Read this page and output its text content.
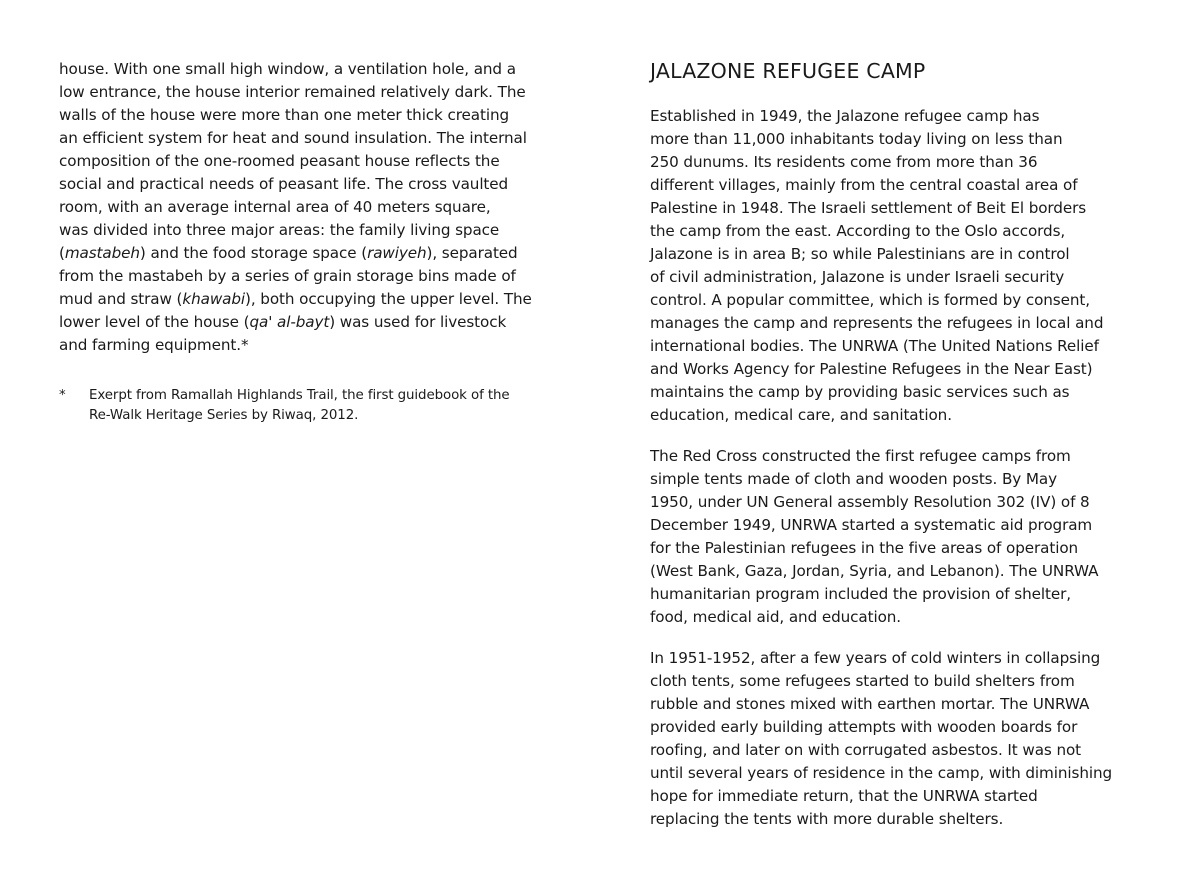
house. With one small high window, a ventilation hole, and a
low entrance, the house interior remained relatively dark. The
walls of the house were more than one meter thick creating
an efficient system for heat and sound insulation. The internal
composition of the one-roomed peasant house reflects the
social and practical needs of peasant life. The cross vaulted
room, with an average internal area of 40 meters square,
was divided into three major areas: the family living space
(mastabeh) and the food storage space (rawiyeh), separated
from the mastabeh by a series of grain storage bins made of
mud and straw (khawabi), both occupying the upper level. The
lower level of the house (qa' al-bayt) was used for livestock
and farming equipment.*

* Exerpt from Ramallah Highlands Trail, the first guidebook of the
Re-Walk Heritage Series by Riwaq, 2012.
JALAZONE REFUGEE CAMP

Established in 1949, the Jalazone refugee camp has
more than 11,000 inhabitants today living on less than
250 dunums. Its residents come from more than 36
different villages, mainly from the central coastal area of
Palestine in 1948. The Israeli settlement of Beit El borders
the camp from the east. According to the Oslo accords,
Jalazone is in area B; so while Palestinians are in control
of civil administration, Jalazone is under Israeli security
control. A popular committee, which is formed by consent,
manages the camp and represents the refugees in local and
international bodies. The UNRWA (The United Nations Relief
and Works Agency for Palestine Refugees in the Near East)
maintains the camp by providing basic services such as
education, medical care, and sanitation.

The Red Cross constructed the first refugee camps from
simple tents made of cloth and wooden posts. By May
1950, under UN General assembly Resolution 302 (IV) of 8
December 1949, UNRWA started a systematic aid program
for the Palestinian refugees in the five areas of operation
(West Bank, Gaza, Jordan, Syria, and Lebanon). The UNRWA
humanitarian program included the provision of shelter,
food, medical aid, and education.

In 1951-1952, after a few years of cold winters in collapsing
cloth tents, some refugees started to build shelters from
rubble and stones mixed with earthen mortar. The UNRWA
provided early building attempts with wooden boards for
roofing, and later on with corrugated asbestos. It was not
until several years of residence in the camp, with diminishing
hope for immediate return, that the UNRWA started
replacing the tents with more durable shelters.
